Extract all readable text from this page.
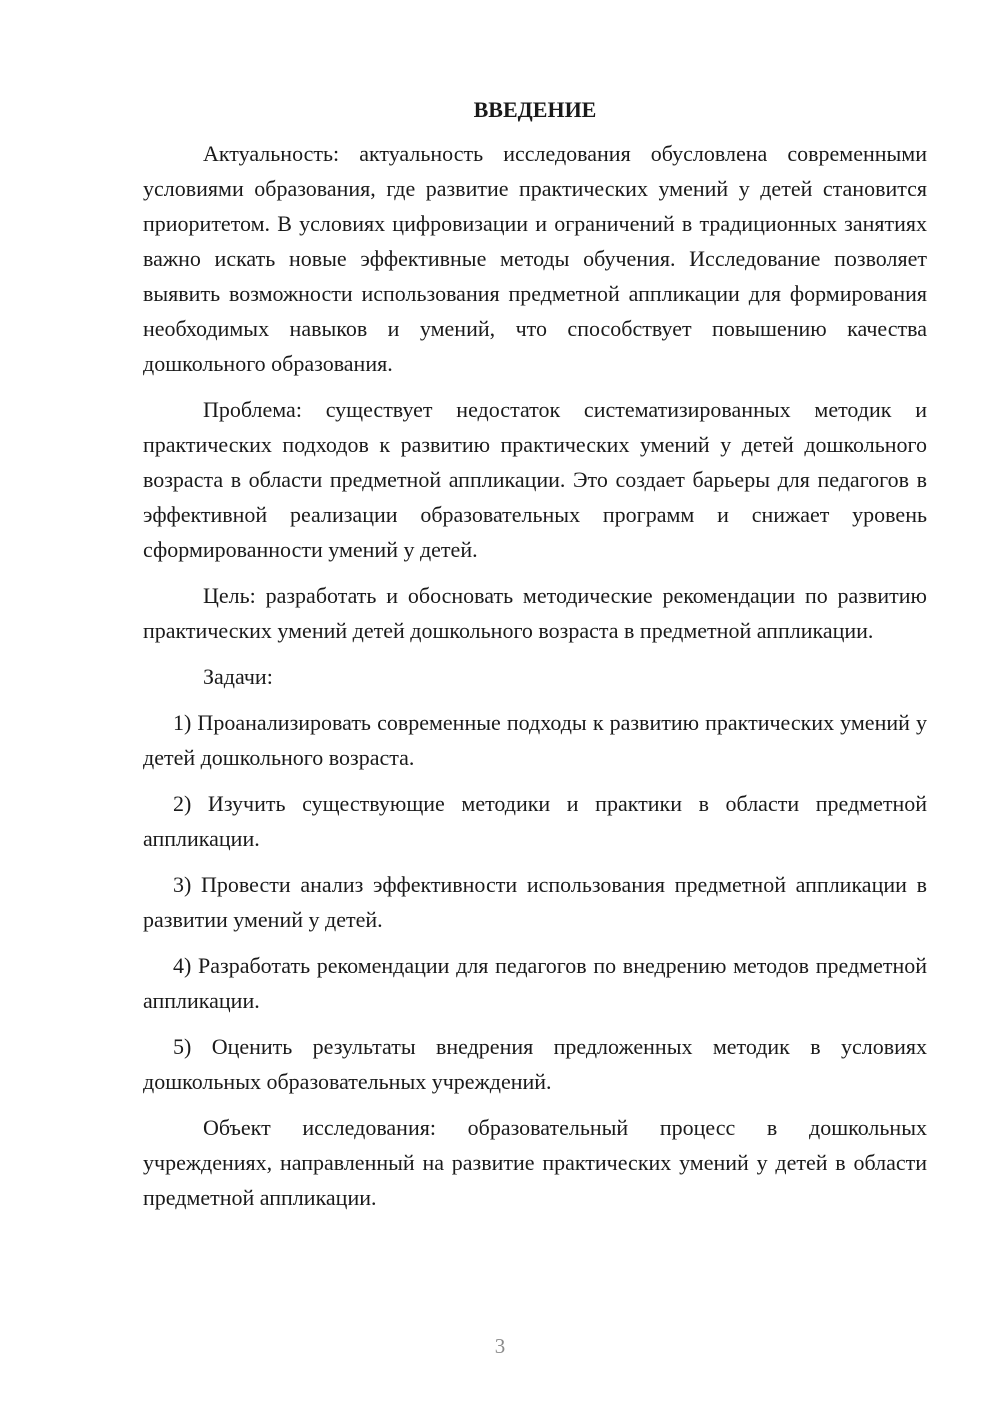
ВВЕДЕНИЕ

Актуальность: актуальность исследования обусловлена современными условиями образования, где развитие практических умений у детей становится приоритетом. В условиях цифровизации и ограничений в традиционных занятиях важно искать новые эффективные методы обучения. Исследование позволяет выявить возможности использования предметной аппликации для формирования необходимых навыков и умений, что способствует повышению качества дошкольного образования.

Проблема: существует недостаток систематизированных методик и практических подходов к развитию практических умений у детей дошкольного возраста в области предметной аппликации. Это создает барьеры для педагогов в эффективной реализации образовательных программ и снижает уровень сформированности умений у детей.

Цель: разработать и обосновать методические рекомендации по развитию практических умений детей дошкольного возраста в предметной аппликации.

Задачи:

1) Проанализировать современные подходы к развитию практических умений у детей дошкольного возраста.

2) Изучить существующие методики и практики в области предметной аппликации.

3) Провести анализ эффективности использования предметной аппликации в развитии умений у детей.

4) Разработать рекомендации для педагогов по внедрению методов предметной аппликации.

5) Оценить результаты внедрения предложенных методик в условиях дошкольных образовательных учреждений.

Объект исследования: образовательный процесс в дошкольных учреждениях, направленный на развитие практических умений у детей в области предметной аппликации.

3
